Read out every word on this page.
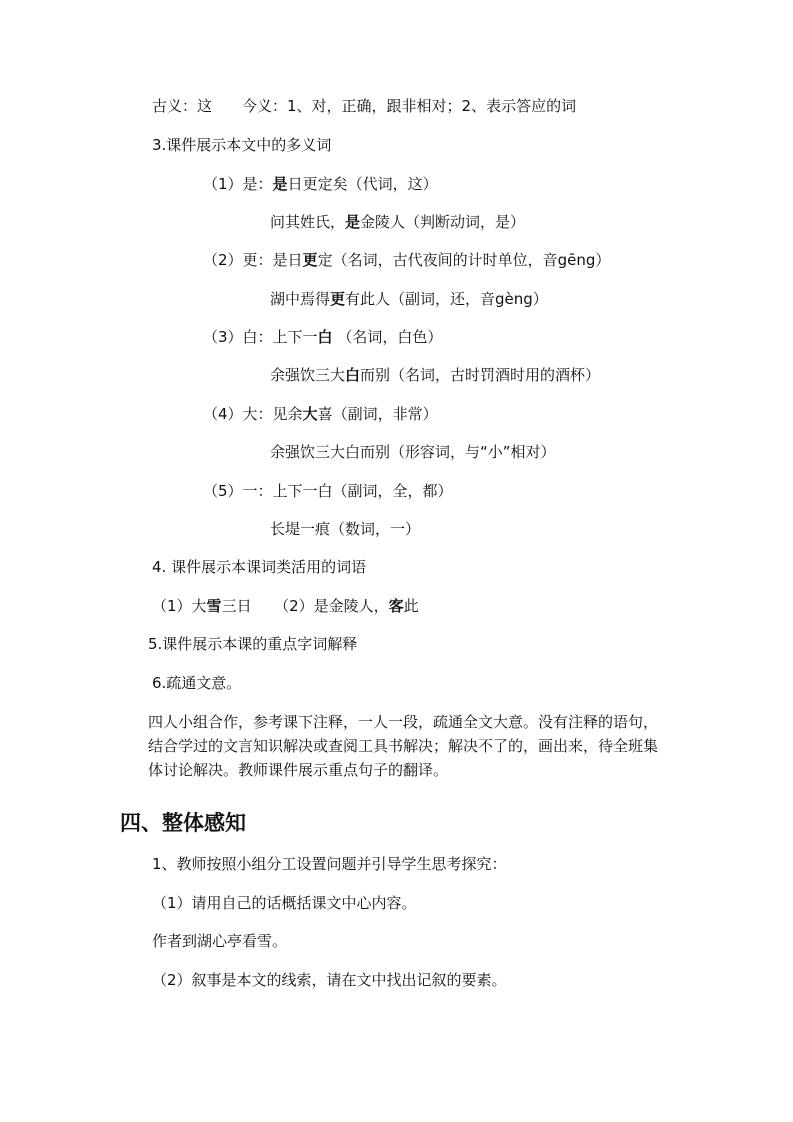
古义：这　　今义：1、对，正确，跟非相对；2、表示答应的词
3.课件展示本文中的多义词
（1）是：是日更定矣（代词，这）
问其姓氏，是金陵人（判断动词，是）
（2）更：是日更定（名词，古代夜间的计时单位，音gēng）
湖中焉得更有此人（副词，还，音gèng）
（3）白：上下一白 （名词，白色）
余强饮三大白而别（名词，古时罚酒时用的酒杯）
（4）大：见余大喜（副词，非常）
余强饮三大白而别（形容词，与“小”相对）
（5）一：上下一白（副词，全，都）
长堤一痕（数词，一）
4. 课件展示本课词类活用的词语
（1）大雪三日　　（2）是金陵人，客此
5.课件展示本课的重点字词解释
6.疏通文意。
四人小组合作，参考课下注释，一人一段，疏通全文大意。没有注释的语句，结合学过的文言知识解决或查阅工具书解决；解决不了的，画出来，待全班集体讨论解决。教师课件展示重点句子的翻译。
四、整体感知
1、教师按照小组分工设置问题并引导学生思考探究：
（1）请用自己的话概括课文中心内容。
作者到湖心亭看雪。
（2）叙事是本文的线索，请在文中找出记叙的要素。
